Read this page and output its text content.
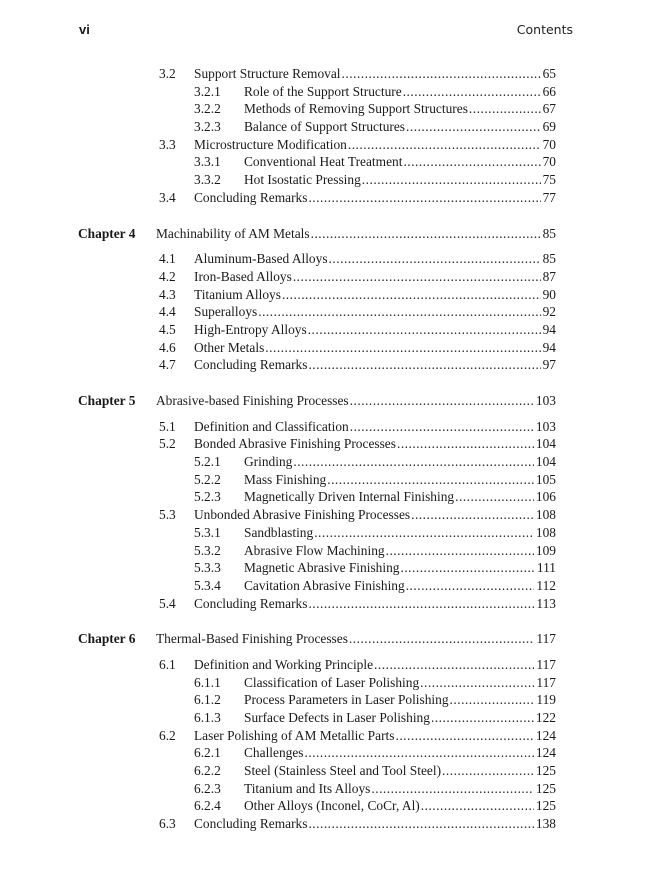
vi	Contents
3.2 Support Structure Removal .....	65
3.2.1 Role of the Support Structure .....	66
3.2.2 Methods of Removing Support Structures .....	67
3.2.3 Balance of Support Structures .....	69
3.3 Microstructure Modification .....	70
3.3.1 Conventional Heat Treatment .....	70
3.3.2 Hot Isostatic Pressing .....	75
3.4 Concluding Remarks .....	77
Chapter 4 Machinability of AM Metals .....	85
4.1 Aluminum-Based Alloys .....	85
4.2 Iron-Based Alloys .....	87
4.3 Titanium Alloys .....	90
4.4 Superalloys .....	92
4.5 High-Entropy Alloys .....	94
4.6 Other Metals .....	94
4.7 Concluding Remarks .....	97
Chapter 5 Abrasive-based Finishing Processes .....	103
5.1 Definition and Classification .....	103
5.2 Bonded Abrasive Finishing Processes .....	104
5.2.1 Grinding .....	104
5.2.2 Mass Finishing .....	105
5.2.3 Magnetically Driven Internal Finishing .....	106
5.3 Unbonded Abrasive Finishing Processes .....	108
5.3.1 Sandblasting .....	108
5.3.2 Abrasive Flow Machining .....	109
5.3.3 Magnetic Abrasive Finishing .....	111
5.3.4 Cavitation Abrasive Finishing .....	112
5.4 Concluding Remarks .....	113
Chapter 6 Thermal-Based Finishing Processes .....	117
6.1 Definition and Working Principle .....	117
6.1.1 Classification of Laser Polishing .....	117
6.1.2 Process Parameters in Laser Polishing .....	119
6.1.3 Surface Defects in Laser Polishing .....	122
6.2 Laser Polishing of AM Metallic Parts .....	124
6.2.1 Challenges .....	124
6.2.2 Steel (Stainless Steel and Tool Steel) .....	125
6.2.3 Titanium and Its Alloys .....	125
6.2.4 Other Alloys (Inconel, CoCr, Al) .....	125
6.3 Concluding Remarks .....	138
